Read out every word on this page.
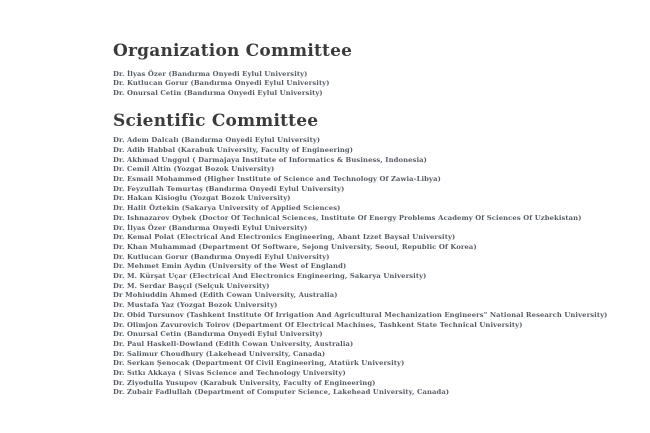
Organization Committee
Dr. İlyas Özer (Bandırma Onyedi Eylul University)
Dr. Kutlucan Gorur (Bandırma Onyedi Eylul University)
Dr. Onursal Cetin (Bandırma Onyedi Eylul University)
Scientific Committee
Dr. Adem Dalcalı (Bandırma Onyedi Eylul University)
Dr. Adib Habbal (Karabuk University, Faculty of Engineering)
Dr. Akhmad Unggul ( Darmajaya Institute of Informatics & Business, Indonesia)
Dr. Cemil Altin (Yozgat Bozok University)
Dr. Esmail Mohammed (Higher Institute of Science and Technology Of Zawia-Libya)
Dr. Feyzullah Temurtaş (Bandırma Onyedi Eylul University)
Dr. Hakan Kisioglu (Yozgat Bozok University)
Dr. Halit Öztekin (Sakarya University of Applied Sciences)
Dr. Ishnazarov Oybek (Doctor Of Technical Sciences, Institute Of Energy Problems Academy Of Sciences Of Uzbekistan)
Dr. İlyas Özer (Bandırma Onyedi Eylul University)
Dr. Kemal Polat (Electrical And Electronics Engineering, Abant Izzet Baysal University)
Dr. Khan Muhammad (Department Of Software, Sejong University, Seoul, Republic Of Korea)
Dr. Kutlucan Gorur (Bandırma Onyedi Eylul University)
Dr. Mehmet Emin Aydın (University of the West of England)
Dr. M. Kürşat Uçar (Electrical And Electronics Engineering, Sakarya University)
Dr. M. Serdar Başçıl (Selçuk University)
Dr Mohiuddin Ahmed (Edith Cowan University, Australia)
Dr. Mustafa Yaz (Yozgat Bozok University)
Dr. Obid Tursunov (Tashkent Institute Of Irrigation And Agricultural Mechanization Engineers" National Research University)
Dr. Olimjon Zavurovich Toirov (Department Of Electrical Machines, Tashkent State Technical University)
Dr. Onursal Cetin (Bandırma Onyedi Eylul University)
Dr. Paul Haskell-Dowland (Edith Cowan University, Australia)
Dr. Salimur Choudhury (Lakehead University, Canada)
Dr. Serkan Şenocak (Department Of Civil Engineering, Atatürk University)
Dr. Sıtkı Akkaya ( Sivas Science and Technology University)
Dr. Ziyodulla Yusupov (Karabuk University, Faculty of Engineering)
Dr. Zubair Fadlullah (Department of Computer Science, Lakehead University, Canada)
